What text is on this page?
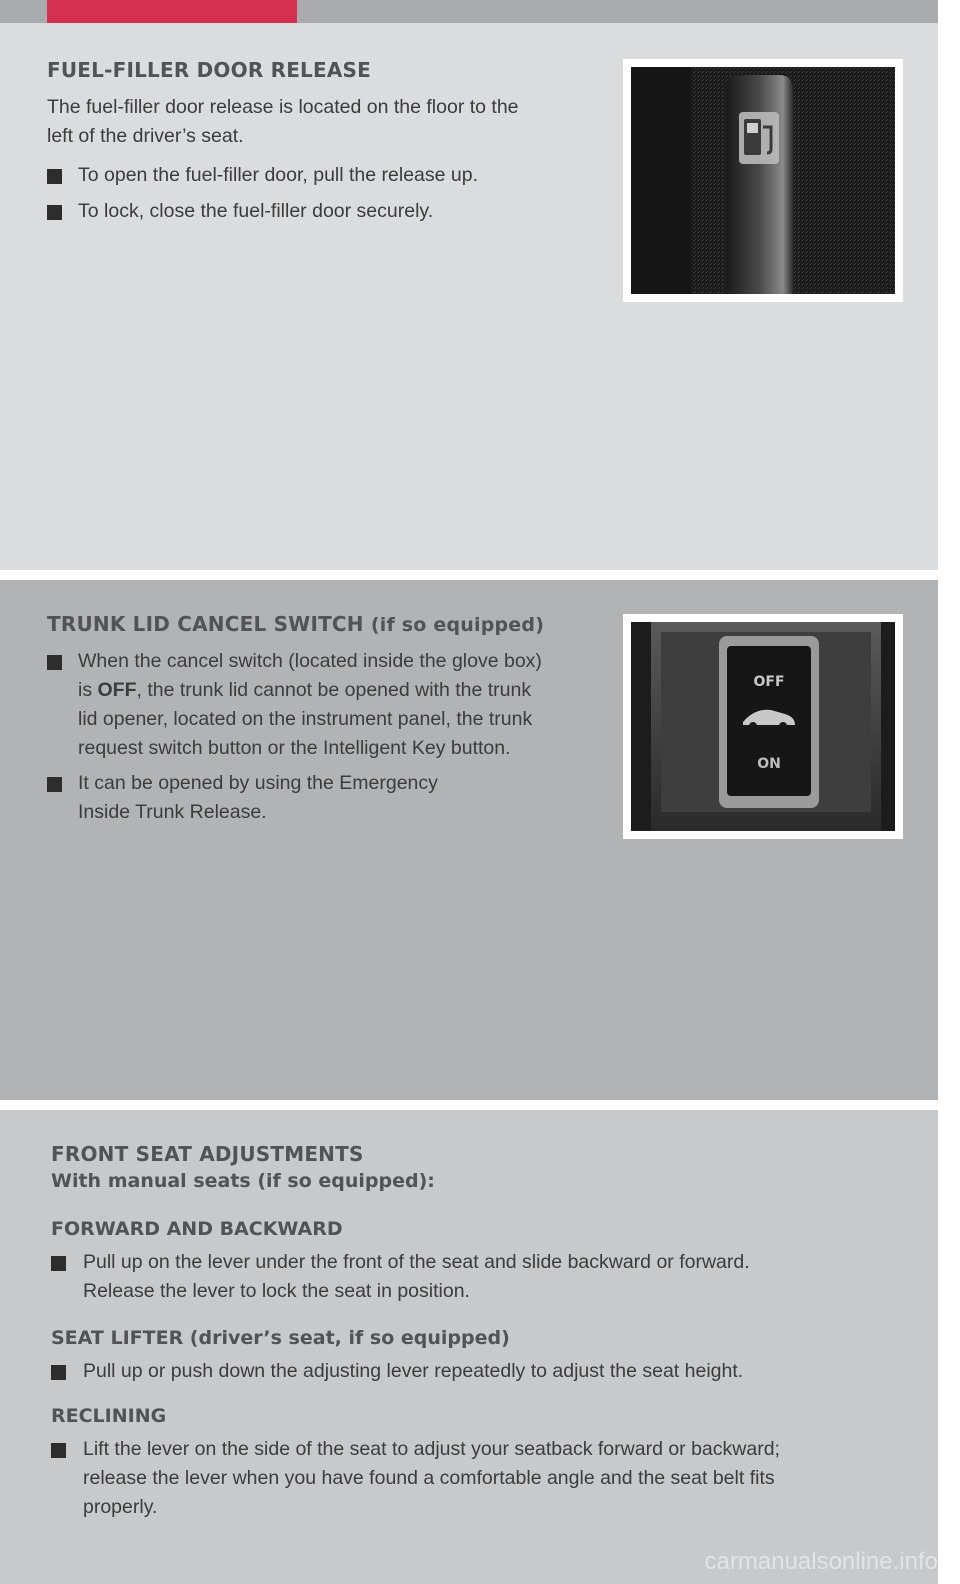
FUEL-FILLER DOOR RELEASE
The fuel-filler door release is located on the floor to the
left of the driver’s seat.
To open the fuel-filler door, pull the release up.
To lock, close the fuel-filler door securely.
TRUNK LID CANCEL SWITCH (if so equipped)
When the cancel switch (located inside the glove box)
is OFF, the trunk lid cannot be opened with the trunk
lid opener, located on the instrument panel, the trunk
request switch button or the Intelligent Key button.
It can be opened by using the Emergency
Inside Trunk Release.
OFF
ON
FRONT SEAT ADJUSTMENTS
With manual seats (if so equipped):
FORWARD AND BACKWARD
Pull up on the lever under the front of the seat and slide backward or forward.
Release the lever to lock the seat in position.
SEAT LIFTER (driver’s seat, if so equipped)
Pull up or push down the adjusting lever repeatedly to adjust the seat height.
RECLINING
Lift the lever on the side of the seat to adjust your seatback forward or backward;
release the lever when you have found a comfortable angle and the seat belt fits
properly.
carmanualsonline.info
